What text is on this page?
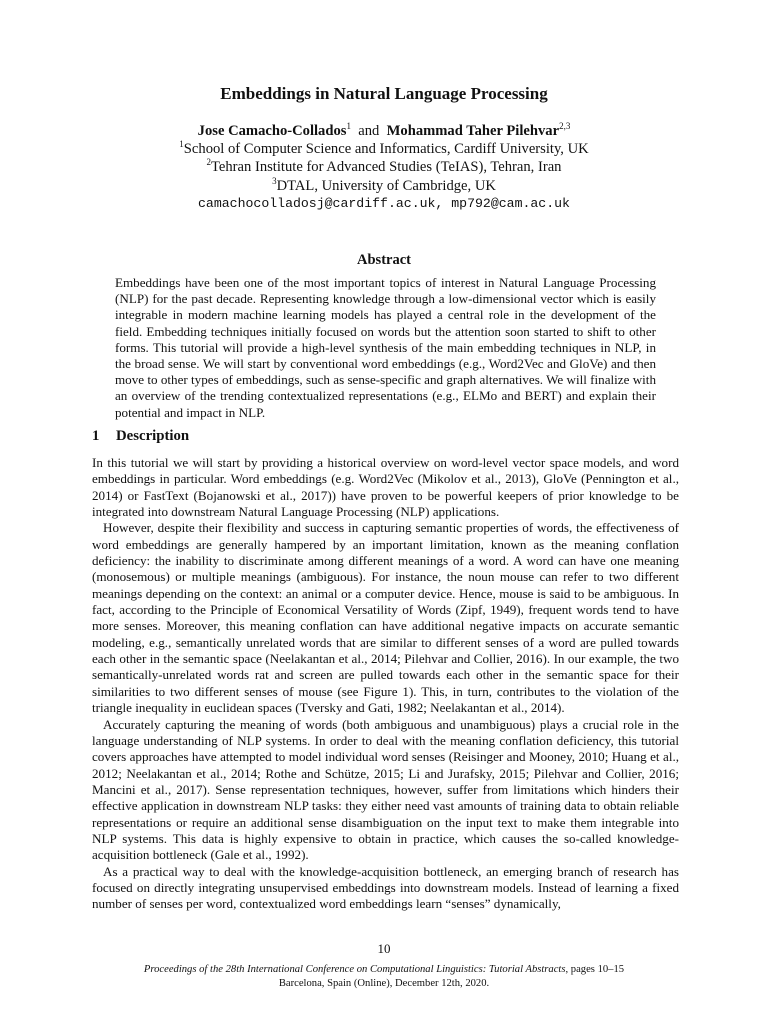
Embeddings in Natural Language Processing
Jose Camacho-Collados$^1$ and Mohammad Taher Pilehvar$^{2,3}$
$^1$School of Computer Science and Informatics, Cardiff University, UK
$^2$Tehran Institute for Advanced Studies (TeIAS), Tehran, Iran
$^3$DTAL, University of Cambridge, UK
camachocolladosj@cardiff.ac.uk, mp792@cam.ac.uk
Abstract
Embeddings have been one of the most important topics of interest in Natural Language Processing (NLP) for the past decade. Representing knowledge through a low-dimensional vector which is easily integrable in modern machine learning models has played a central role in the development of the field. Embedding techniques initially focused on words but the attention soon started to shift to other forms. This tutorial will provide a high-level synthesis of the main embedding techniques in NLP, in the broad sense. We will start by conventional word embeddings (e.g., Word2Vec and GloVe) and then move to other types of embeddings, such as sense-specific and graph alternatives. We will finalize with an overview of the trending contextualized representations (e.g., ELMo and BERT) and explain their potential and impact in NLP.
1 Description

In this tutorial we will start by providing a historical overview on word-level vector space models, and word embeddings in particular. Word embeddings (e.g. Word2Vec (Mikolov et al., 2013), GloVe (Pennington et al., 2014) or FastText (Bojanowski et al., 2017)) have proven to be powerful keepers of prior knowledge to be integrated into downstream Natural Language Processing (NLP) applications.

However, despite their flexibility and success in capturing semantic properties of words, the effectiveness of word embeddings are generally hampered by an important limitation, known as the meaning conflation deficiency: the inability to discriminate among different meanings of a word. A word can have one meaning (monosemous) or multiple meanings (ambiguous). For instance, the noun mouse can refer to two different meanings depending on the context: an animal or a computer device. Hence, mouse is said to be ambiguous. In fact, according to the Principle of Economical Versatility of Words (Zipf, 1949), frequent words tend to have more senses. Moreover, this meaning conflation can have additional negative impacts on accurate semantic modeling, e.g., semantically unrelated words that are similar to different senses of a word are pulled towards each other in the semantic space (Neelakantan et al., 2014; Pilehvar and Collier, 2016). In our example, the two semantically-unrelated words rat and screen are pulled towards each other in the semantic space for their similarities to two different senses of mouse (see Figure 1). This, in turn, contributes to the violation of the triangle inequality in euclidean spaces (Tversky and Gati, 1982; Neelakantan et al., 2014).

Accurately capturing the meaning of words (both ambiguous and unambiguous) plays a crucial role in the language understanding of NLP systems. In order to deal with the meaning conflation deficiency, this tutorial covers approaches have attempted to model individual word senses (Reisinger and Mooney, 2010; Huang et al., 2012; Neelakantan et al., 2014; Rothe and Schütze, 2015; Li and Jurafsky, 2015; Pilehvar and Collier, 2016; Mancini et al., 2017). Sense representation techniques, however, suffer from limitations which hinders their effective application in downstream NLP tasks: they either need vast amounts of training data to obtain reliable representations or require an additional sense disambiguation on the input text to make them integrable into NLP systems. This data is highly expensive to obtain in practice, which causes the so-called knowledge-acquisition bottleneck (Gale et al., 1992).

As a practical way to deal with the knowledge-acquisition bottleneck, an emerging branch of research has focused on directly integrating unsupervised embeddings into downstream models. Instead of learning a fixed number of senses per word, contextualized word embeddings learn “senses” dynamically,

10
Proceedings of the 28th International Conference on Computational Linguistics: Tutorial Abstracts, pages 10–15
Barcelona, Spain (Online), December 12th, 2020.
